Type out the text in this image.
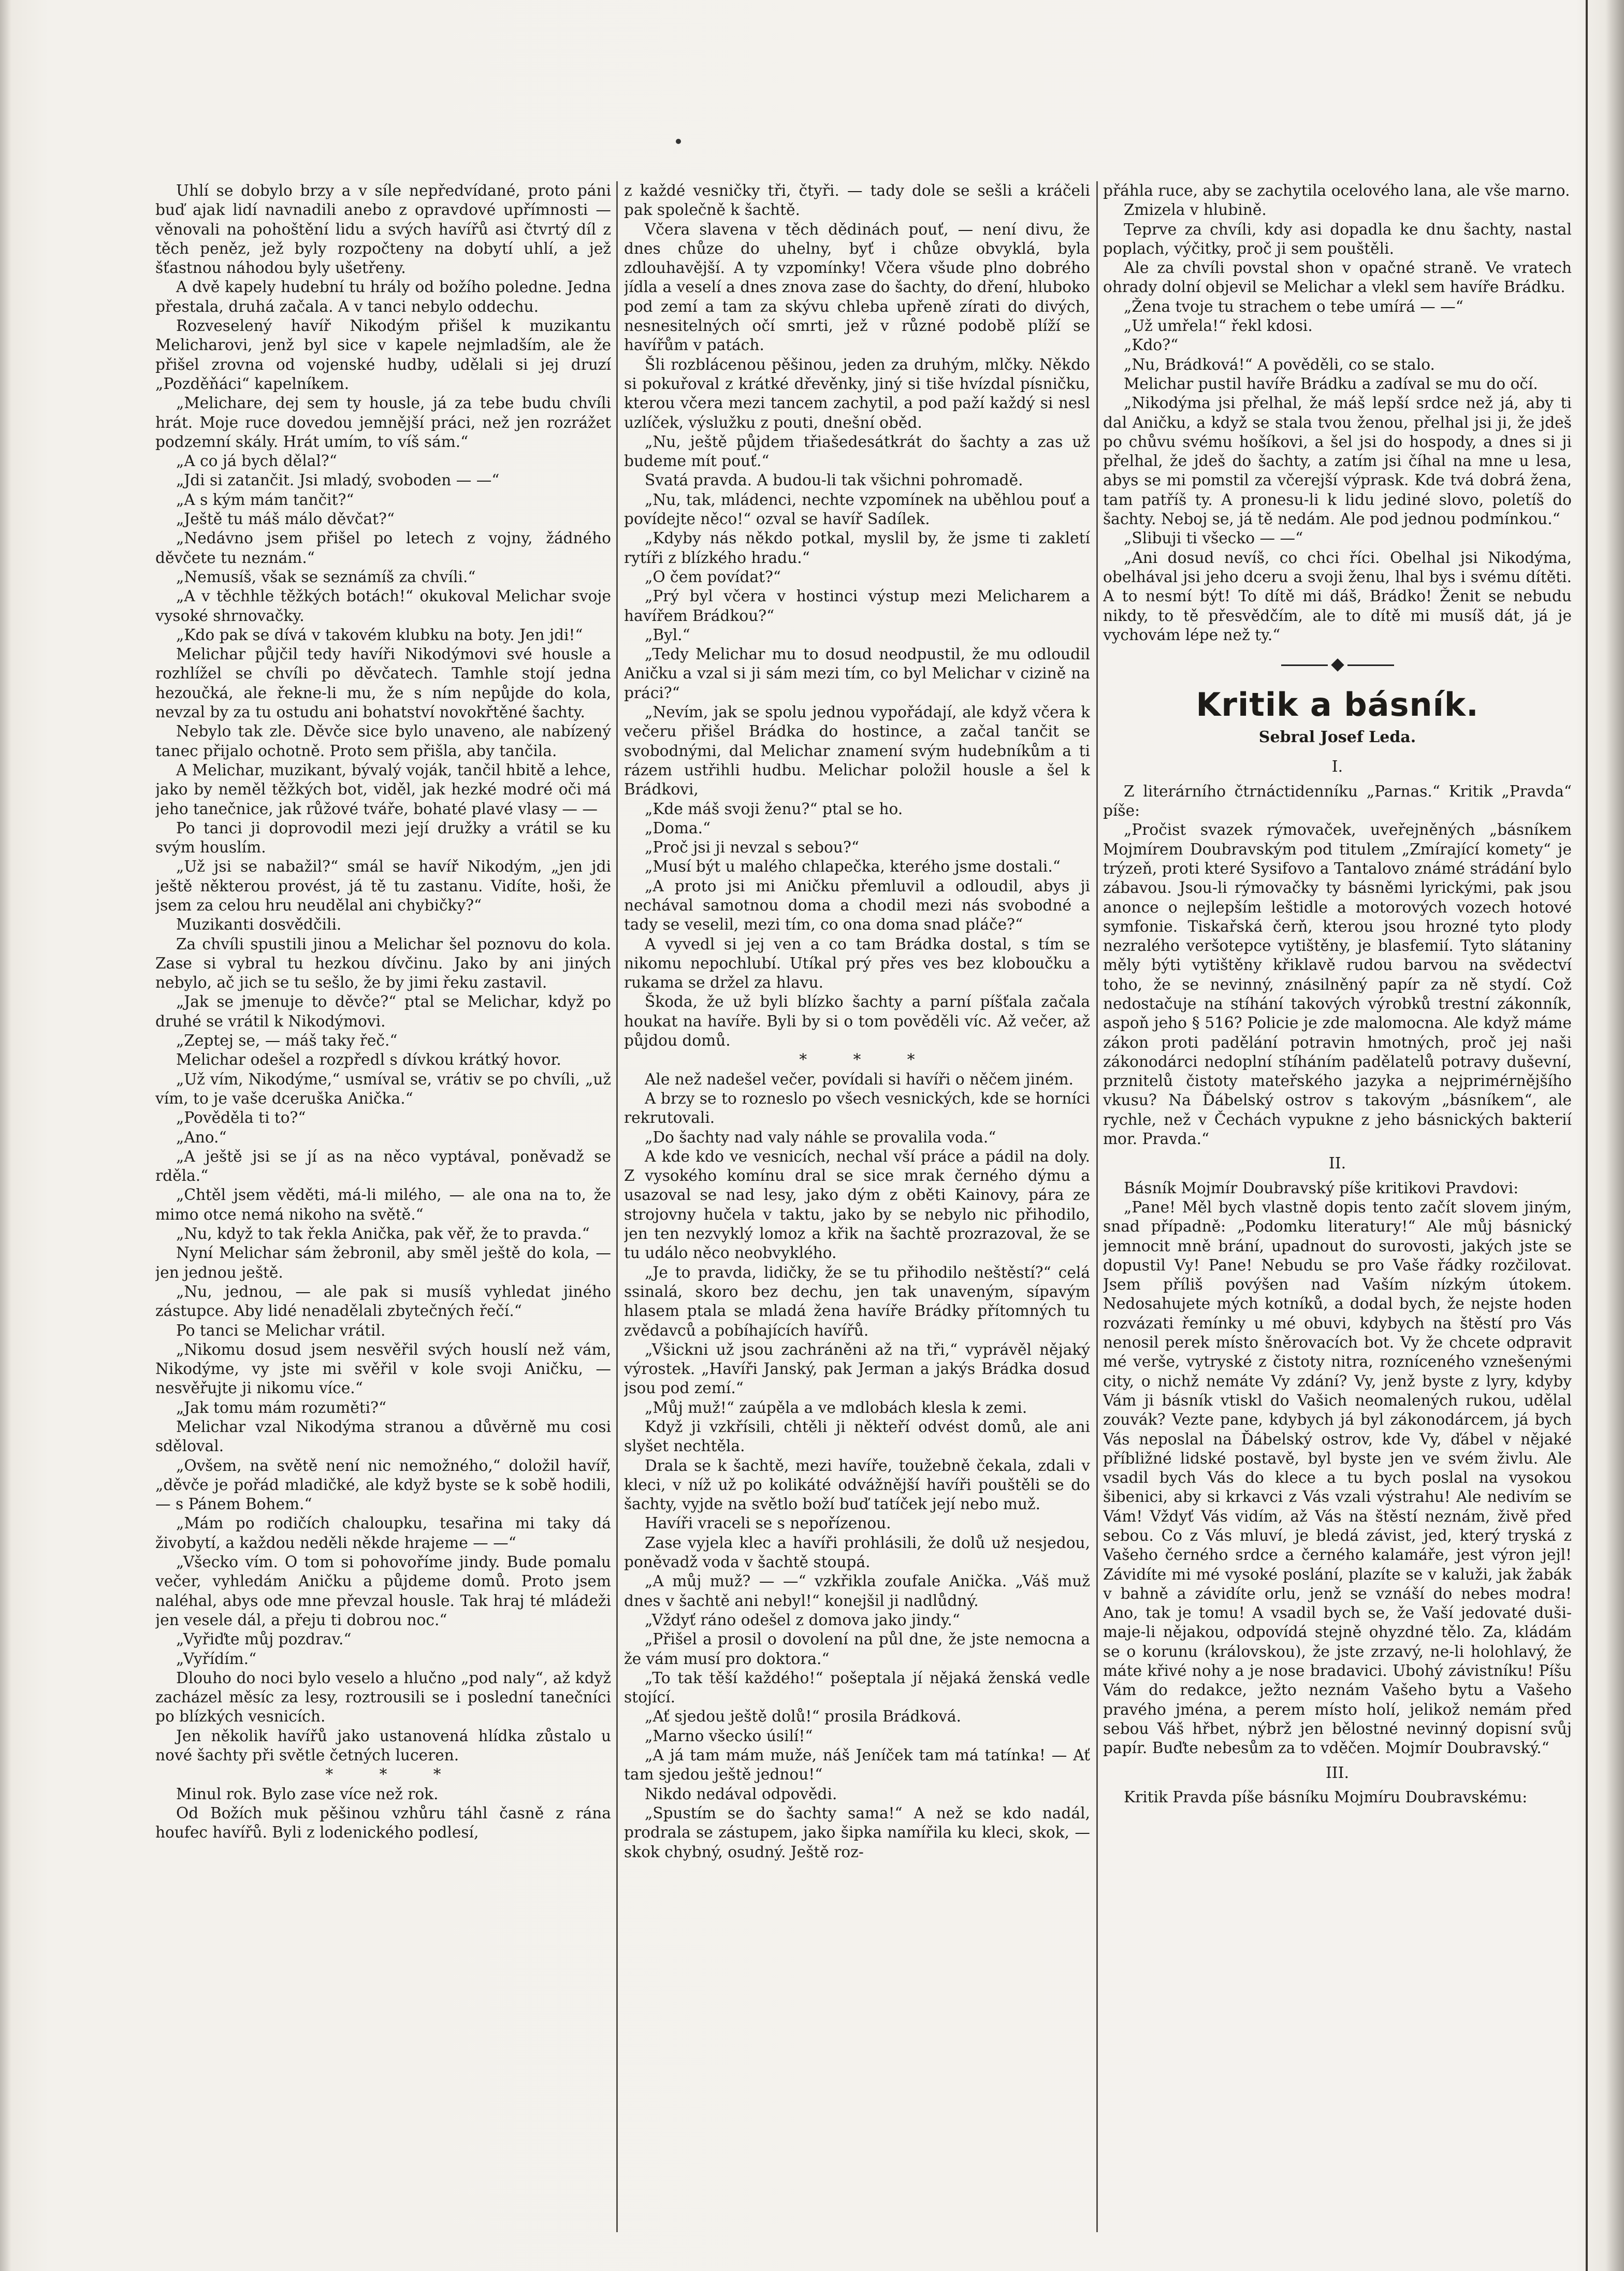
Uhlí se dobylo brzy a v síle nepředvídané, proto páni buď ajak lidí navnadili anebo z opravdové upřímnosti — věnovali na pohoštění lidu a svých havířů asi čtvrtý díl z těch peněz, jež byly rozpočteny na dobytí uhlí, a jež šťastnou náhodou byly ušetřeny.

A dvě kapely hudební tu hrály od božího poledne. Jedna přestala, druhá začala. A v tanci nebylo oddechu.

Rozveselený havíř Nikodým přišel k muzikantu Melicharovi, jenž byl sice v kapele nejmladším, ale že přišel zrovna od vojenské hudby, udělali si jej druzí „Pozděňáci“ kapelníkem.

„Melichare, dej sem ty housle, já za tebe budu chvíli hrát. Moje ruce dovedou jemnější práci, než jen rozrážet podzemní skály. Hrát umím, to víš sám.“

„A co já bych dělal?“

„Jdi si zatančit. Jsi mladý, svoboden — —“

„A s kým mám tančit?“

„Ještě tu máš málo děvčat?“

„Nedávno jsem přišel po letech z vojny, žádného děvčete tu neznám.“

„Nemusíš, však se seznámíš za chvíli.“

„A v těchhle těžkých botách!“ okukoval Melichar svoje vysoké shrnovačky.

„Kdo pak se dívá v takovém klubku na boty. Jen jdi!“

Melichar půjčil tedy havíři Nikodýmovi své housle a rozhlížel se chvíli po děvčatech. Tamhle stojí jedna hezoučká, ale řekne-li mu, že s ním nepůjde do kola, nevzal by za tu ostudu ani bohatství novokřtěné šachty.

Nebylo tak zle. Děvče sice bylo unaveno, ale nabízený tanec přijalo ochotně. Proto sem přišla, aby tančila.

A Melichar, muzikant, bývalý voják, tančil hbitě a lehce, jako by neměl těžkých bot, viděl, jak hezké modré oči má jeho tanečnice, jak růžové tváře, bohaté plavé vlasy — —

Po tanci ji doprovodil mezi její družky a vrátil se ku svým houslím.

„Už jsi se nabažil?“ smál se havíř Nikodým, „jen jdi ještě některou provést, já tě tu zastanu. Vidíte, hoši, že jsem za celou hru neudělal ani chybičky?“

Muzikanti dosvědčili.

Za chvíli spustili jinou a Melichar šel poznovu do kola. Zase si vybral tu hezkou dívčinu. Jako by ani jiných nebylo, ač jich se tu sešlo, že by jimi řeku zastavil.

„Jak se jmenuje to děvče?“ ptal se Melichar, když po druhé se vrátil k Nikodýmovi.

„Zeptej se, — máš taky řeč.“

Melichar odešel a rozpředl s dívkou krátký hovor.

„Už vím, Nikodýme,“ usmíval se, vrátiv se po chvíli, „už vím, to je vaše dceruška Anička.“

„Pověděla ti to?“

„Ano.“

„A ještě jsi se jí as na něco vyptával, poněvadž se rděla.“

„Chtěl jsem věděti, má-li milého, — ale ona na to, že mimo otce nemá nikoho na světě.“

„Nu, když to tak řekla Anička, pak věř, že to pravda.“

Nyní Melichar sám žebronil, aby směl ještě do kola, — jen jednou ještě.

„Nu, jednou, — ale pak si musíš vyhledat jiného zástupce. Aby lidé nenadělali zbytečných řečí.“

Po tanci se Melichar vrátil.

„Nikomu dosud jsem nesvěřil svých houslí než vám, Nikodýme, vy jste mi svěřil v kole svoji Aničku, — nesvěřujte ji nikomu více.“

„Jak tomu mám rozuměti?“

Melichar vzal Nikodýma stranou a důvěrně mu cosi sděloval.

„Ovšem, na světě není nic nemožného,“ doložil havíř, „děvče je pořád mladičké, ale když byste se k sobě hodili, — s Pánem Bohem.“

„Mám po rodičích chaloupku, tesařina mi taky dá živobytí, a každou neděli někde hrajeme — —“

„Všecko vím. O tom si pohovoříme jindy. Bude pomalu večer, vyhledám Aničku a půjdeme domů. Proto jsem naléhal, abys ode mne převzal housle. Tak hraj té mládeži jen vesele dál, a přeju ti dobrou noc.“

„Vyřiďte můj pozdrav.“

„Vyřídím.“

Dlouho do noci bylo veselo a hlučno „pod naly“, až když zacházel měsíc za lesy, roztrousili se i poslední tanečníci po blízkých vesnicích.

Jen několik havířů jako ustanovená hlídka zůstalo u nové šachty při světle četných luceren.

* * *

Minul rok. Bylo zase více než rok.

Od Božích muk pěšinou vzhůru táhl časně z rána houfec havířů. Byli z lodenického podlesí,

z každé vesničky tři, čtyři. — tady dole se sešli a kráčeli pak společně k šachtě.

Včera slavena v těch dědinách pouť, — není divu, že dnes chůze do uhelny, byť i chůze obvyklá, byla zdlouhavější. A ty vzpomínky! Včera všude plno dobrého jídla a veselí a dnes znova zase do šachty, do dření, hluboko pod zemí a tam za skývu chleba upřeně zírati do divých, nesnesitelných očí smrti, jež v různé podobě plíží se havířům v patách.

Šli rozblácenou pěšinou, jeden za druhým, mlčky. Někdo si pokuřoval z krátké dřevěnky, jiný si tiše hvízdal písničku, kterou včera mezi tancem zachytil, a pod paží každý si nesl uzlíček, výslužku z pouti, dnešní oběd.

„Nu, ještě půjdem třiašedesátkrát do šachty a zas už budeme mít pouť.“

Svatá pravda. A budou-li tak všichni pohromadě.

„Nu, tak, mládenci, nechte vzpomínek na uběhlou pouť a povídejte něco!“ ozval se havíř Sadílek.

„Kdyby nás někdo potkal, myslil by, že jsme ti zakletí rytíři z blízkého hradu.“

„O čem povídat?“

„Prý byl včera v hostinci výstup mezi Melicharem a havířem Brádkou?“

„Byl.“

„Tedy Melichar mu to dosud neodpustil, že mu odloudil Aničku a vzal si ji sám mezi tím, co byl Melichar v cizině na práci?“

„Nevím, jak se spolu jednou vypořádají, ale když včera k večeru přišel Brádka do hostince, a začal tančit se svobodnými, dal Melichar znamení svým hudebníkům a ti rázem ustřihli hudbu. Melichar položil housle a šel k Brádkovi,

„Kde máš svoji ženu?“ ptal se ho.

„Doma.“

„Proč jsi ji nevzal s sebou?“

„Musí být u malého chlapečka, kterého jsme dostali.“

„A proto jsi mi Aničku přemluvil a odloudil, abys ji nechával samotnou doma a chodil mezi nás svobodné a tady se veselil, mezi tím, co ona doma snad pláče?“

A vyvedl si jej ven a co tam Brádka dostal, s tím se nikomu nepochlubí. Utíkal prý přes ves bez kloboučku a rukama se držel za hlavu.

Škoda, že už byli blízko šachty a parní píšťala začala houkat na havíře. Byli by si o tom pověděli víc. Až večer, až půjdou domů.

* * *

Ale než nadešel večer, povídali si havíři o něčem jiném.

A brzy se to rozneslo po všech vesnických, kde se horníci rekrutovali.

„Do šachty nad valy náhle se provalila voda.“

A kde kdo ve vesnicích, nechal vší práce a pádil na doly. Z vysokého komínu dral se sice mrak černého dýmu a usazoval se nad lesy, jako dým z oběti Kainovy, pára ze strojovny hučela v taktu, jako by se nebylo nic přihodilo, jen ten nezvyklý lomoz a křik na šachtě prozrazoval, že se tu událo něco neobvyklého.

„Je to pravda, lidičky, že se tu přihodilo neštěstí?“ celá ssinalá, skoro bez dechu, jen tak unaveným, sípavým hlasem ptala se mladá žena havíře Brádky přítomných tu zvědavců a pobíhajících havířů.

„Všickni už jsou zachráněni až na tři,“ vyprávěl nějaký výrostek. „Havíři Janský, pak Jerman a jakýs Brádka dosud jsou pod zemí.“

„Můj muž!“ zaúpěla a ve mdlobách klesla k zemi.

Když ji vzkřísili, chtěli ji někteří odvést domů, ale ani slyšet nechtěla.

Drala se k šachtě, mezi havíře, toužebně čekala, zdali v kleci, v níž už po kolikáté odvážnější havíři pouštěli se do šachty, vyjde na světlo boží buď tatíček její nebo muž.

Havíři vraceli se s nepořízenou.

Zase vyjela klec a havíři prohlásili, že dolů už nesjedou, poněvadž voda v šachtě stoupá.

„A můj muž? — —“ vzkřikla zoufale Anička. „Váš muž dnes v šachtě ani nebyl!“ konejšil ji nadlůdný.

„Vždyť ráno odešel z domova jako jindy.“

„Přišel a prosil o dovolení na půl dne, že jste nemocna a že vám musí pro doktora.“

„To tak těší každého!“ pošeptala jí nějaká ženská vedle stojící.

„Ať sjedou ještě dolů!“ prosila Brádková.

„Marno všecko úsilí!“

„A já tam mám muže, náš Jeníček tam má tatínka! — Ať tam sjedou ještě jednou!“

Nikdo nedával odpovědi.

„Spustím se do šachty sama!“ A než se kdo nadál, prodrala se zástupem, jako šipka namířila ku kleci, skok, — skok chybný, osudný. Ještě roz-

přáhla ruce, aby se zachytila ocelového lana, ale vše marno.

Zmizela v hlubině.

Teprve za chvíli, kdy asi dopadla ke dnu šachty, nastal poplach, výčitky, proč ji sem pouštěli.

Ale za chvíli povstal shon v opačné straně. Ve vratech ohrady dolní objevil se Melichar a vlekl sem havíře Brádku.

„Žena tvoje tu strachem o tebe umírá — —“

„Už umřela!“ řekl kdosi.

„Kdo?“

„Nu, Brádková!“ A pověděli, co se stalo.

Melichar pustil havíře Brádku a zadíval se mu do očí.

„Nikodýma jsi přelhal, že máš lepší srdce než já, aby ti dal Aničku, a když se stala tvou ženou, přelhal jsi ji, že jdeš po chůvu svému hošíkovi, a šel jsi do hospody, a dnes si ji přelhal, že jdeš do šachty, a zatím jsi číhal na mne u lesa, abys se mi pomstil za včerejší výprask. Kde tvá dobrá žena, tam patříš ty. A pronesu-li k lidu jediné slovo, poletíš do šachty. Neboj se, já tě nedám. Ale pod jednou podmínkou.“

„Slibuji ti všecko — —“

„Ani dosud nevíš, co chci říci. Obelhal jsi Nikodýma, obelhával jsi jeho dceru a svoji ženu, lhal bys i svému dítěti. A to nesmí být! To dítě mi dáš, Brádko! Ženit se nebudu nikdy, to tě přesvědčím, ale to dítě mi musíš dát, já je vychovám lépe než ty.“

Kritik a básník.
Sebral Josef Leda.
I.

Z literárního čtrnáctidenníku „Parnas.“ Kritik „Pravda“ píše:

„Pročist svazek rýmovaček, uveřejněných „básníkem Mojmírem Doubravským pod titulem „Zmírající komety“ je trýzeň, proti které Sysifovo a Tantalovo známé strádání bylo zábavou. Jsou-li rýmovačky ty básněmi lyrickými, pak jsou anonce o nejlepším leštidle a motorových vozech hotové symfonie. Tiskařská čerň, kterou jsou hrozné tyto plody nezralého veršotepce vytištěny, je blasfemií. Tyto slátaniny měly býti vytištěny křiklavě rudou barvou na svědectví toho, že se nevinný, znásilněný papír za ně stydí. Což nedostačuje na stíhání takových výrobků trestní zákonník, aspoň jeho § 516? Policie je zde malomocna. Ale když máme zákon proti padělání potravin hmotných, proč jej naši zákonodárci nedoplní stíháním padělatelů potravy duševní, prznitelů čistoty mateřského jazyka a nejprimérnějšího vkusu? Na Ďábelský ostrov s takovým „básníkem“, ale rychle, než v Čechách vypukne z jeho básnických bakterií mor. Pravda.“

II.

Básník Mojmír Doubravský píše kritikovi Pravdovi:

„Pane! Měl bych vlastně dopis tento začít slovem jiným, snad případně: „Podomku literatury!“ Ale můj básnický jemnocit mně brání, upadnout do surovosti, jakých jste se dopustil Vy! Pane! Nebudu se pro Vaše řádky rozčilovat. Jsem příliš povýšen nad Vaším nízkým útokem. Nedosahujete mých kotníků, a dodal bych, že nejste hoden rozvázati řemínky u mé obuvi, kdybych na štěstí pro Vás nenosil perek místo šněrovacích bot. Vy že chcete odpravit mé verše, vytryské z čistoty nitra, rozníceného vznešenými city, o nichž nemáte Vy zdání? Vy, jenž byste z lyry, kdyby Vám ji básník vtiskl do Vašich neomalených rukou, udělal zouvák? Vezte pane, kdybych já byl zákonodárcem, já bych Vás neposlal na Ďábelský ostrov, kde Vy, ďábel v nějaké příbližné lidské postavě, byl byste jen ve svém živlu. Ale vsadil bych Vás do klece a tu bych poslal na vysokou šibenici, aby si krkavci z Vás vzali výstrahu! Ale nedivím se Vám! Vždyť Vás vidím, až Vás na štěstí neznám, živě před sebou. Co z Vás mluví, je bledá závist, jed, který tryská z Vašeho černého srdce a černého kalamáře, jest výron jejl! Závidíte mi mé vysoké poslání, plazíte se v kaluži, jak žabák v bahně a závidíte orlu, jenž se vznáší do nebes modra! Ano, tak je tomu! A vsadil bych se, že Vaší jedovaté duši-maje-li nějakou, odpovídá stejně ohyzdné tělo. Za, kládám se o korunu (královskou), že jste zrzavý, ne-li holohlavý, že máte křivé nohy a je nose bradavici. Ubohý závistníku! Píšu Vám do redakce, ježto neznám Vašeho bytu a Vašeho pravého jména, a perem místo holí, jelikož nemám před sebou Váš hřbet, nýbrž jen bělostné nevinný dopisní svůj papír. Buďte nebesům za to vděčen. Mojmír Doubravský.“

III.

Kritik Pravda píše básníku Mojmíru Doubravskému:
